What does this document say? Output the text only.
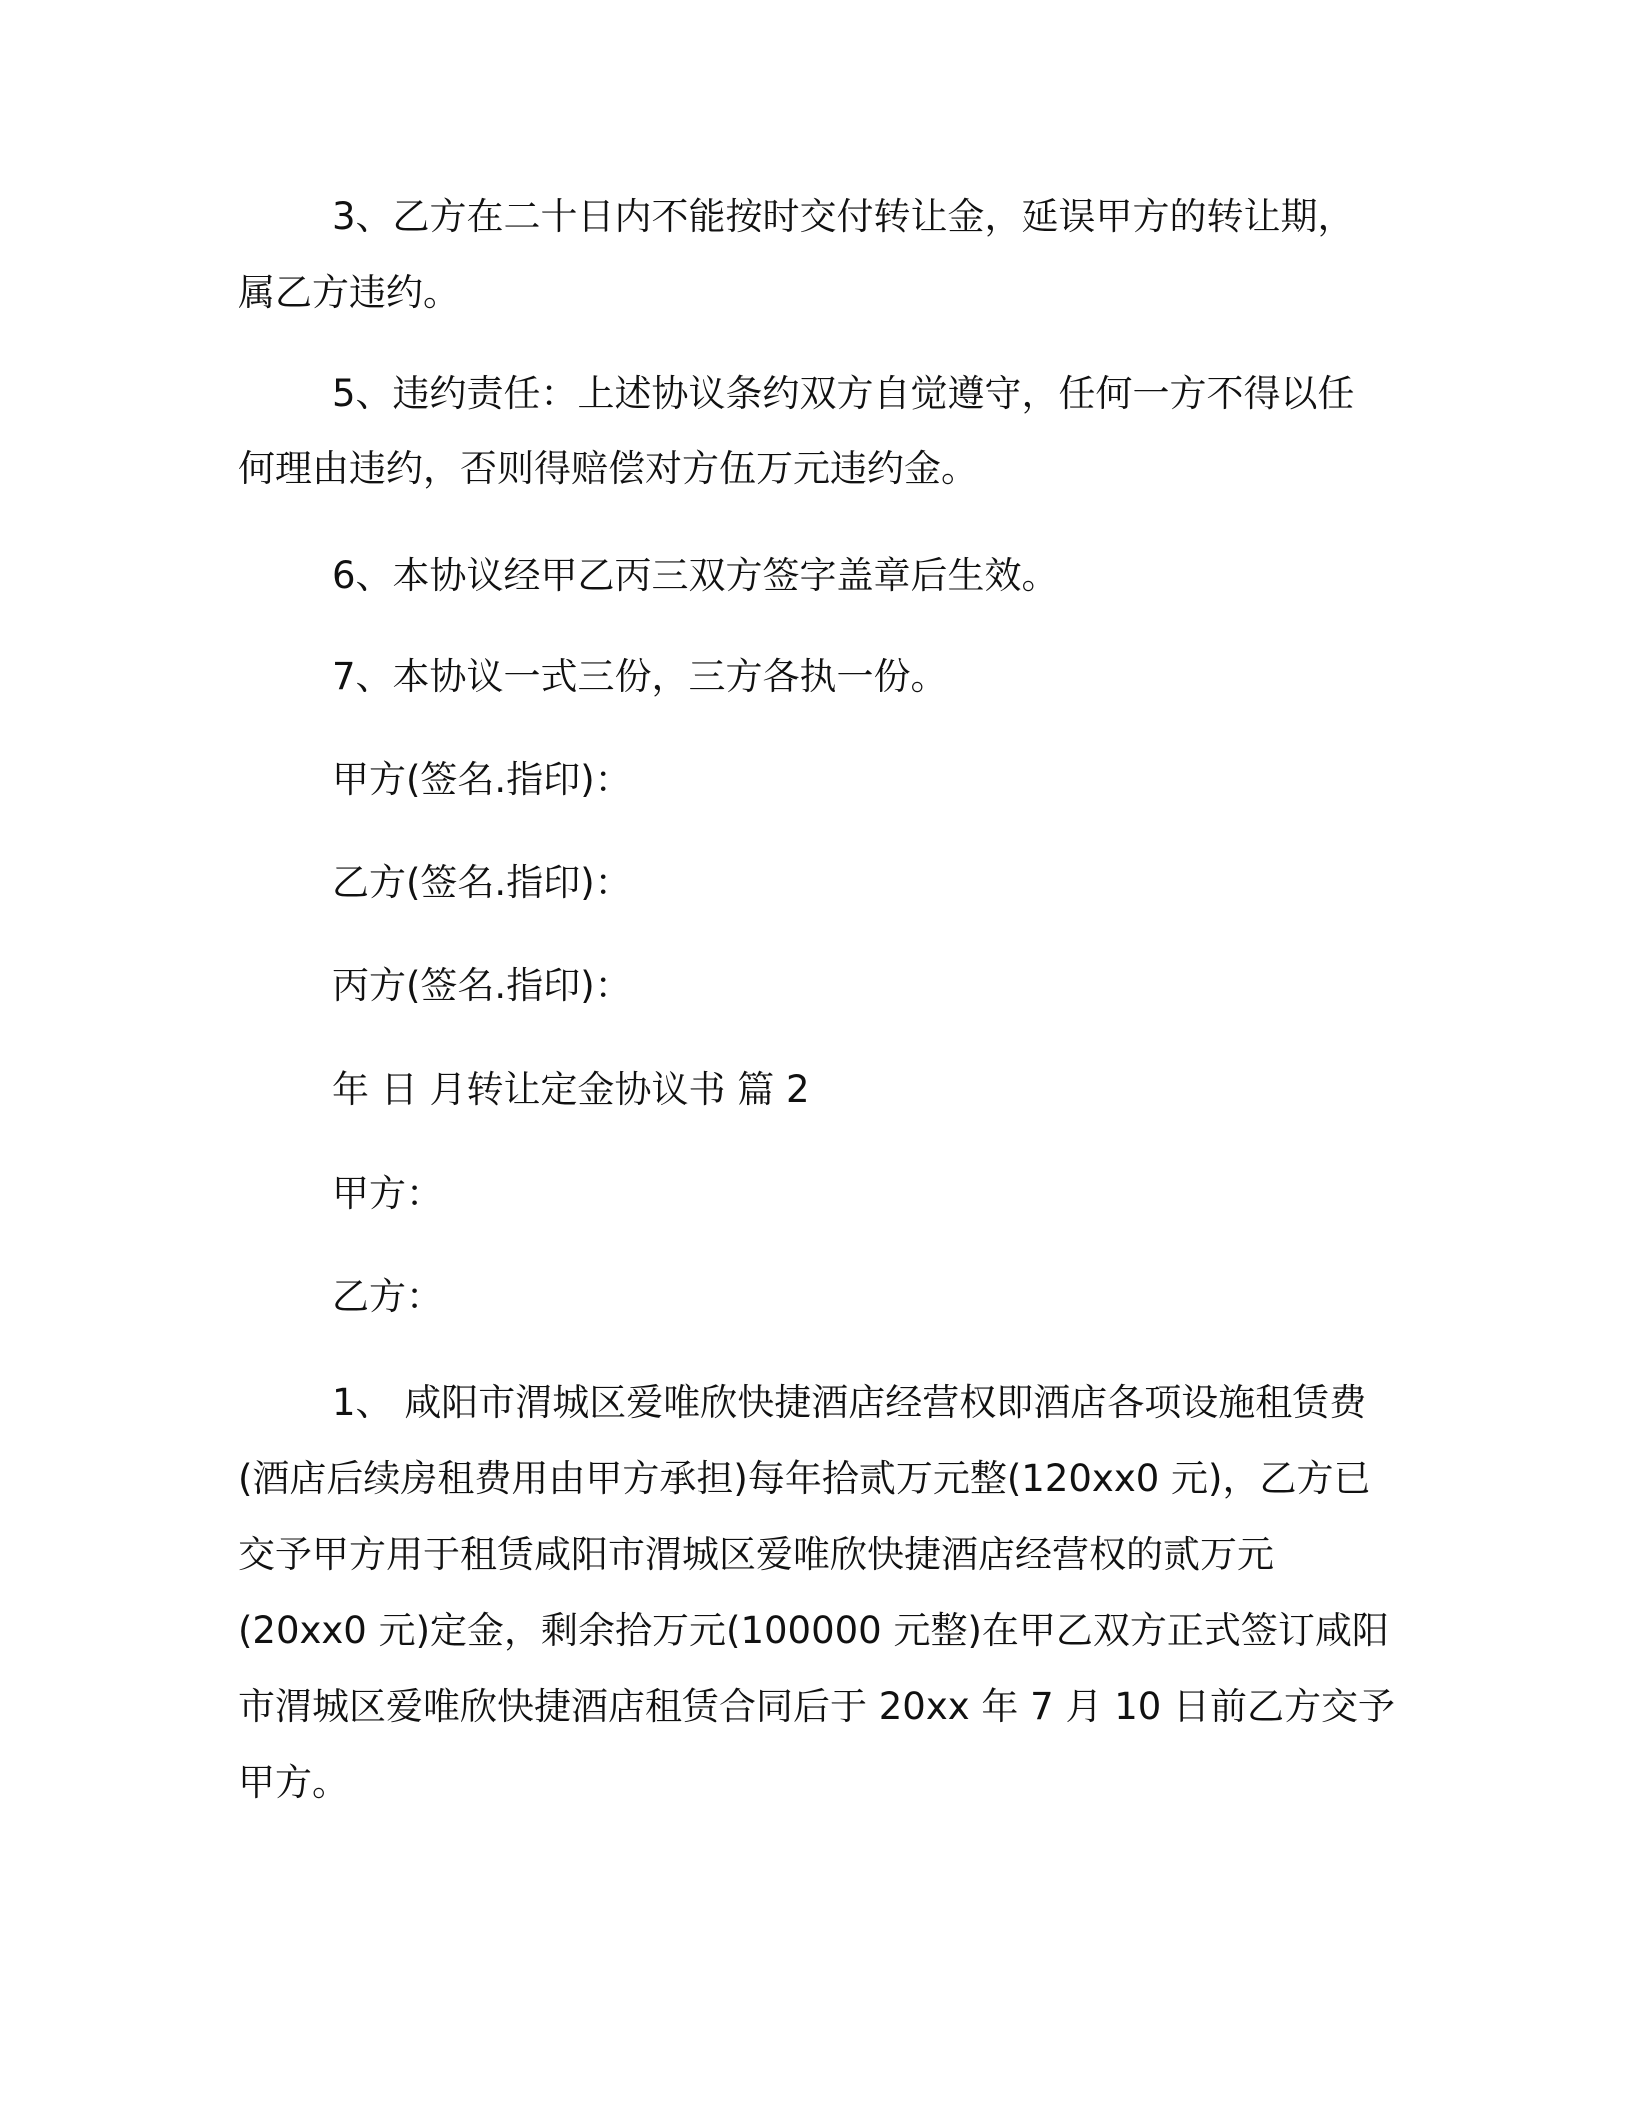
3、乙方在二十日内不能按时交付转让金，延误甲方的转让期，
属乙方违约。
5、违约责任：上述协议条约双方自觉遵守，任何一方不得以任
何理由违约，否则得赔偿对方伍万元违约金。
6、本协议经甲乙丙三双方签字盖章后生效。
7、本协议一式三份，三方各执一份。
甲方(签名.指印)：
乙方(签名.指印)：
丙方(签名.指印)：
年 日 月转让定金协议书 篇 2
甲方：
乙方：
1、 咸阳市渭城区爱唯欣快捷酒店经营权即酒店各项设施租赁费
(酒店后续房租费用由甲方承担)每年拾贰万元整(120xx0 元)，乙方已
交予甲方用于租赁咸阳市渭城区爱唯欣快捷酒店经营权的贰万元
(20xx0 元)定金，剩余拾万元(100000 元整)在甲乙双方正式签订咸阳
市渭城区爱唯欣快捷酒店租赁合同后于 20xx 年 7 月 10 日前乙方交予
甲方。
